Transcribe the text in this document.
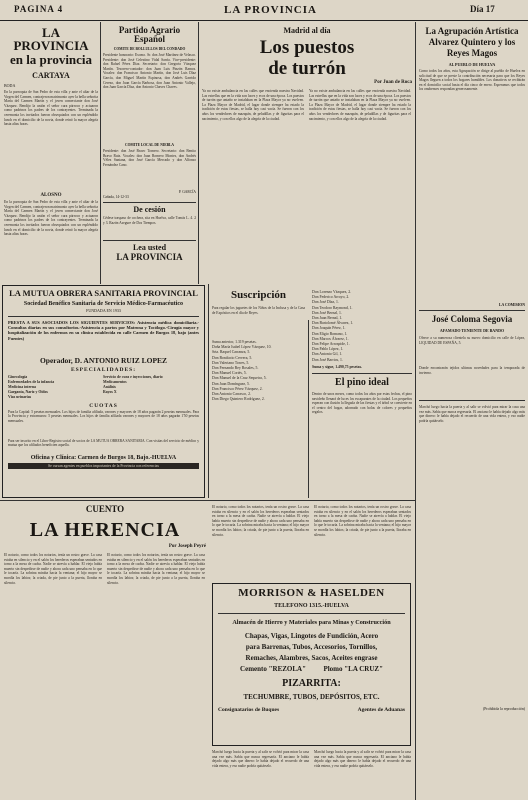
PAGINA 4	LA PROVINCIA	Día 17
LA PROVINCIA
en la provincia
CARTAYA
BODA
En la parroquia de San Pedro de esta villa y ante el altar de la Virgen del Carmen, contrajeron matrimonio ayer la bella señorita María del Carmen Martín y el joven comerciante don José Vázquez. Bendijo la unión el señor cura párroco y actuaron como padrinos los padres de los contrayentes. Terminada la ceremonia los invitados fueron obsequiados con un espléndido lunch en el domicilio de la novia, donde reinó la mayor alegría hasta altas horas.
ALOSNO
En la parroquia de San Pedro de esta villa y ante el altar de la Virgen del Carmen, contrajeron matrimonio ayer la bella señorita María del Carmen Martín y el joven comerciante don José Vázquez. Bendijo la unión el señor cura párroco y actuaron como padrinos los padres de los contrayentes. Terminada la ceremonia los invitados fueron obsequiados con un espléndido lunch en el domicilio de la novia, donde reinó la mayor alegría hasta altas horas.
Partido Agrario Español
COMITE DE BOLLULLOS DEL CONDADO
Presidente honorario: Excmo. Sr. don José Martínez de Velasco. Presidente: don José Celestino Vidal Sarría. Vice-presidente: don Rafael Pérez Díaz. Secretario: don Gregorio Vázquez Martín. Tesorero-contador: don Juan Luis Pinzón Ramos. Vocales: don Francisco Antonio Martín, don José Luis Díaz García, don Miguel Martín Espinosa, don Andrés Garrido Cerezo, don Juan García Barbosa, don Juan Antonio Vallejo, don Juan García Díaz, don Antonio Chaves Chaves.
COMITE LOCAL DE NIEBLA
Presidente: don José Bravo Tornero. Secretario: don Benito Bravo Ruiz. Vocales: don Juan Romero Montes, don Andrés Vélez Santana, don José García Mercado y don Alfonso Fernández Cano.
P. GARCÍA
Cañada, 14-12-33
De cesión
Cédese traspaso de cochera, sita en Huelva, calle Tomás L. 4. 2 y 3. Razón Asegure de Dos Tiempos.
Lea usted
LA PROVINCIA
Madrid al día
Los puestos
de turrón
Por Juan de Roca
Ya no existe ambulancia en las calles que encienda nuestra Navidad. Las estrellas que en la vida son luces y ecos de una época. Los puestos de turrón que antaño se instalaban en la Plaza Mayor ya no vuelven. La Plaza Mayor de Madrid, el lugar donde siempre ha estado la tradición de estas fiestas, se halla hoy casi vacía. Se fueron con los años los vendedores de mazapán, de peladillas y de figuritas para el nacimiento, y con ellos algo de la alegría de la ciudad.
Ya no existe ambulancia en las calles que encienda nuestra Navidad. Las estrellas que en la vida son luces y ecos de una época. Los puestos de turrón que antaño se instalaban en la Plaza Mayor ya no vuelven. La Plaza Mayor de Madrid, el lugar donde siempre ha estado la tradición de estas fiestas, se halla hoy casi vacía. Se fueron con los años los vendedores de mazapán, de peladillas y de figuritas para el nacimiento, y con ellos algo de la alegría de la ciudad.
La Agrupación Artística Alvarez Quintero y los Reyes Magos
AL PUEBLO DE HUELVA
Como todos los años, esta Agrupación se dirige al pueblo de Huelva en solicitud de que se preste la contribución necesaria para que los Reyes Magos lleguen a todos los hogares humildes. Los donativos se recibirán en el domicilio social hasta el día cinco de enero. Esperamos que todos los onubenses respondan generosamente.
LA COMISION
José Coloma Segovia
AFAMADO TENIENTE DE BANDO
Ofrece a su numerosa clientela su nuevo domicilio en calle de López, LIQUIDAD DE ESPAÑA, 5.
Donde encontrarán tejidos ultimas novedades para la temporada de invierno.
Marchó luego hacia la puerta y al salir se volvió para mirar la casa una vez más. Sabía que nunca regresaría. El anciano le había dejado algo más que dinero: le había dejado el recuerdo de una vida entera, y eso nadie podría quitárselo.
(Prohibida la reproducción)
LA MUTUA OBRERA SANITARIA PROVINCIAL
Sociedad Benéfico Sanitaria de Servicio Médico-Farmacéutico
FUNDADA EN 1933
PRESTA A SUS ASOCIADOS LOS SIGUIENTES SERVICIOS: Asistencia médica domiciliaria.-Consultas diarias en sus consultorios.-Asistencia a partos por Matrona y Tocólogo.-Cirugía mayor y hospitalización de los enfermos en su clínica establecida en calle Carmen de Burgos 18, bajo (antes Fuentes)
Operador, D. ANTONIO RUIZ LOPEZ
ESPECIALIDADES:
Ginecología
Enfermedades de la infancia
Medicina interna
Garganta, Nariz y Oídos
Vías urinarias
Servicio de cura e inyecciones, diario
Medicamentos
Análisis
Rayos X
CUOTAS
Para la Capital: 5 pesetas mensuales. Los hijos de familia afiliada, varones y mayores de 18 años pagarán 2 pesetas mensuales. Para la Provincia y extramuros: 5 pesetas mensuales. Los hijos de familia afiliada varones y mayores de 18 años pagarán 1'50 pesetas mensuales.
Para ser inscrito en el Libro-Registro social de socios de LA MUTUA OBRERA SANITARIA. Con visitas del servicio de médico y mutua que los afiliados beneficien aquella.
Oficina y Clínica: Carmen de Burgos 18, Bajo.-HUELVA
Se cursan agentes en pueblos importantes de la Provincia con referencias
Suscripción
Para regalar los juguetes de los Niños de la Inclusa y de la Casa de Expósitos en el día de Reyes.
Suma anterior, 1.319 pesetas.
Doña María Isabel López Vázquez, 10.
Srta. Raquel Carranza, 5.
Don Bonifacio Cervera, 5.
Don Valeriano Torres, 5.
Don Fernando Rey Rosales, 5.
Don Manuel Cortés, 5.
Don Manuel de la Cruz Sequeira, 5.
Don Juan Domínguez, 5.
Don Francisco Pérez Vázquez, 2.
Don Antonio Carrasco, 2.
Don Diego Quintero Rodríguez, 2.
Don Lorenzo Vázquez, 2.
Don Federico Arroyo, 2.
Don José Díaz, 1.
Don Teodoro Raymond, 1.
Don José Bernal, 1.
Don Juan Bernal, 1.
Don Bartolomé Álvarez, 1.
Don Joaquín Pérez, 1.
Don Eligio Romano, 1.
Don Marcos Álvarez, 1.
Don Felipe Arrospide, 1.
Don Pablo López, 1.
Don Antonio Gil, 1.
Don José Barrios, 1.
Suma y sigue, 1.490,75 pesetas.
El pino ideal
Dentro de unos meses, como todos los años por estas fechas, el pino navideño llenará de luces los escaparates de la ciudad. Los pequeños esperan con ilusión la llegada de las fiestas y el árbol se convierte en el centro del hogar, adornado con bolas de colores y pequeños regalos.
CUENTO
LA HERENCIA
Por Joseph Peyré
El notario, como todos los notarios, tenía un rostro grave. La casa estaba en silencio y en el salón los herederos esperaban sentados en torno a la mesa de caoba. Nadie se atrevía a hablar. El viejo había muerto sin despedirse de nadie y ahora cada uno pensaba en lo que le tocaría. La sobrina miraba hacia la ventana; el hijo mayor se mordía los labios; la criada, de pie junto a la puerta, lloraba en silencio.
El notario, como todos los notarios, tenía un rostro grave. La casa estaba en silencio y en el salón los herederos esperaban sentados en torno a la mesa de caoba. Nadie se atrevía a hablar. El viejo había muerto sin despedirse de nadie y ahora cada uno pensaba en lo que le tocaría. La sobrina miraba hacia la ventana; el hijo mayor se mordía los labios; la criada, de pie junto a la puerta, lloraba en silencio.
El notario, como todos los notarios, tenía un rostro grave. La casa estaba en silencio y en el salón los herederos esperaban sentados en torno a la mesa de caoba. Nadie se atrevía a hablar. El viejo había muerto sin despedirse de nadie y ahora cada uno pensaba en lo que le tocaría. La sobrina miraba hacia la ventana; el hijo mayor se mordía los labios; la criada, de pie junto a la puerta, lloraba en silencio.
El notario, como todos los notarios, tenía un rostro grave. La casa estaba en silencio y en el salón los herederos esperaban sentados en torno a la mesa de caoba. Nadie se atrevía a hablar. El viejo había muerto sin despedirse de nadie y ahora cada uno pensaba en lo que le tocaría. La sobrina miraba hacia la ventana; el hijo mayor se mordía los labios; la criada, de pie junto a la puerta, lloraba en silencio.
MORRISON & HASELDEN
TELEFONO 1315.-HUELVA
Almacén de Hierro y Materiales para Minas y Construcción
Chapas, Vigas, Lingotes de Fundición, Acero
para Barrenas, Tubos, Accesorios, Tornillos,
Remaches, Alambres, Sacos, Aceites engrase
Cemento "REZOLA"          Plomo "LA CRUZ"
PIZARRITA:
TECHUMBRE, TUBOS, DEPÓSITOS, ETC.
Consignatarios de Buques	Agentes de Aduanas
Marchó luego hacia la puerta y al salir se volvió para mirar la casa una vez más. Sabía que nunca regresaría. El anciano le había dejado algo más que dinero: le había dejado el recuerdo de una vida entera, y eso nadie podría quitárselo.
Marchó luego hacia la puerta y al salir se volvió para mirar la casa una vez más. Sabía que nunca regresaría. El anciano le había dejado algo más que dinero: le había dejado el recuerdo de una vida entera, y eso nadie podría quitárselo.
